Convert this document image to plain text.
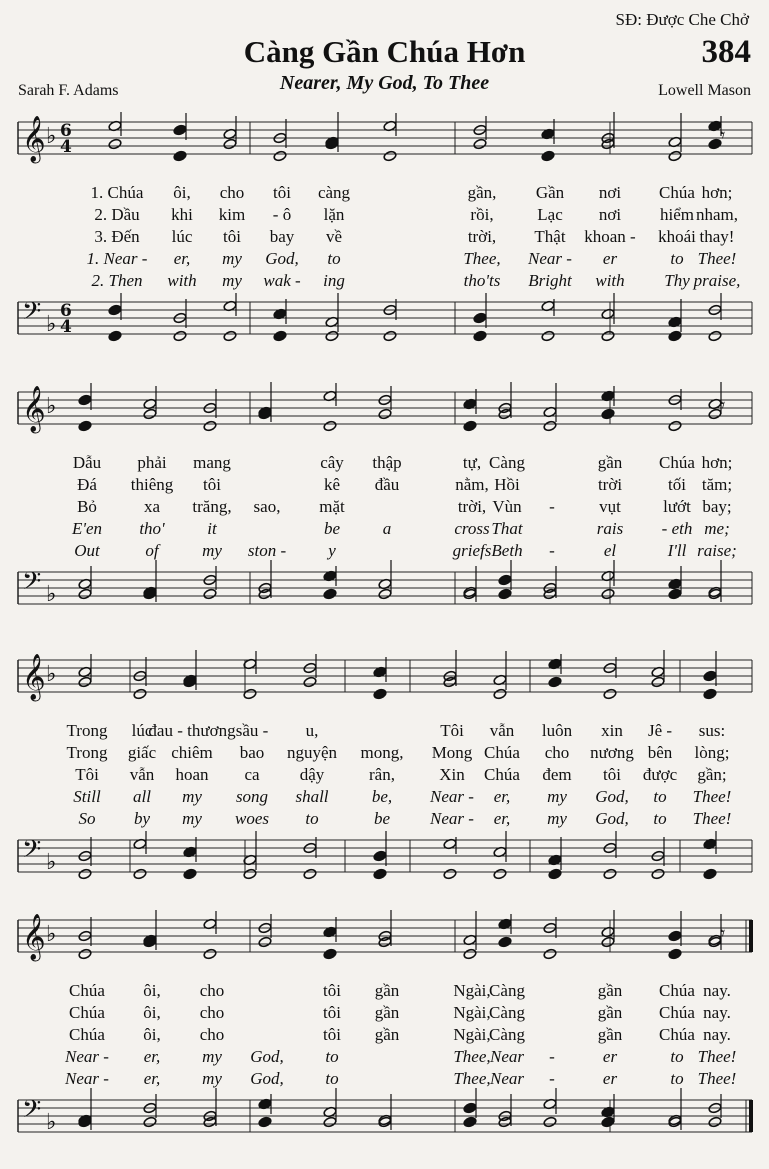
SĐ: Được Che Chở
Càng Gần Chúa Hơn	384
Nearer, My God, To Thee
Sarah F. Adams	Lowell Mason
𝄞 ♭ 6
4
𝄢 ♭
6
4
𝄾
1. Chúa ôi, cho tôi càng	gần, Gần nơi Chúa hơn;
2. Dầu khi kim - ô lặn	rồi,	Lạc nơi hiểm nham,
3. Đến lúc tôi bay về	trời, Thật khoan - khoái thay!
1. Near - er, my God, to	Thee, Near - er	to Thee!
2. Then with my wak - ing	tho'ts Bright with Thy praise,
𝄞 ♭
𝄢 ♭
𝄾
Dẫu phải mang	cây thập	tự, Càng	gần Chúa hơn;
Đá thiêng tôi	kê đầu	nằm, Hồi	trời	tối tăm;
Bỏ	xa trăng, sao, mặt	trời, Vùn -	vụt lướt bay;
E'en tho'	it	be	a	cross That	rais - eth me;
Out	of	my ston - y	griefs Beth -	el	I'll raise;
𝄞 ♭
𝄢 ♭
Trong lúc
đau - thương sầu - u,	Tôi vẫn luôn xin Jê - sus:
Trong giấc chiêm bao nguyện mong, Mong Chúa cho nương bên lòng;
Tôi vẫn hoan ca dậy	rân,	Xin Chúa đem tôi được gần;
Still all my song shall	be, Near - er, my God, to Thee!
So by my woes to	be Near - er, my God, to Thee!
𝄞 ♭
𝄢 ♭
𝄾
Chúa ôi, cho	tôi gần	Ngài,
Càng	gần Chúa nay.
Chúa ôi, cho	tôi gần	Ngài,
Càng	gần Chúa nay.
Chúa ôi, cho	tôi gần	Ngài,
Càng	gần Chúa nay.
Near - er, my God, to	Thee, Near -	er	to Thee!
Near - er, my God, to	Thee, Near -	er	to Thee!
